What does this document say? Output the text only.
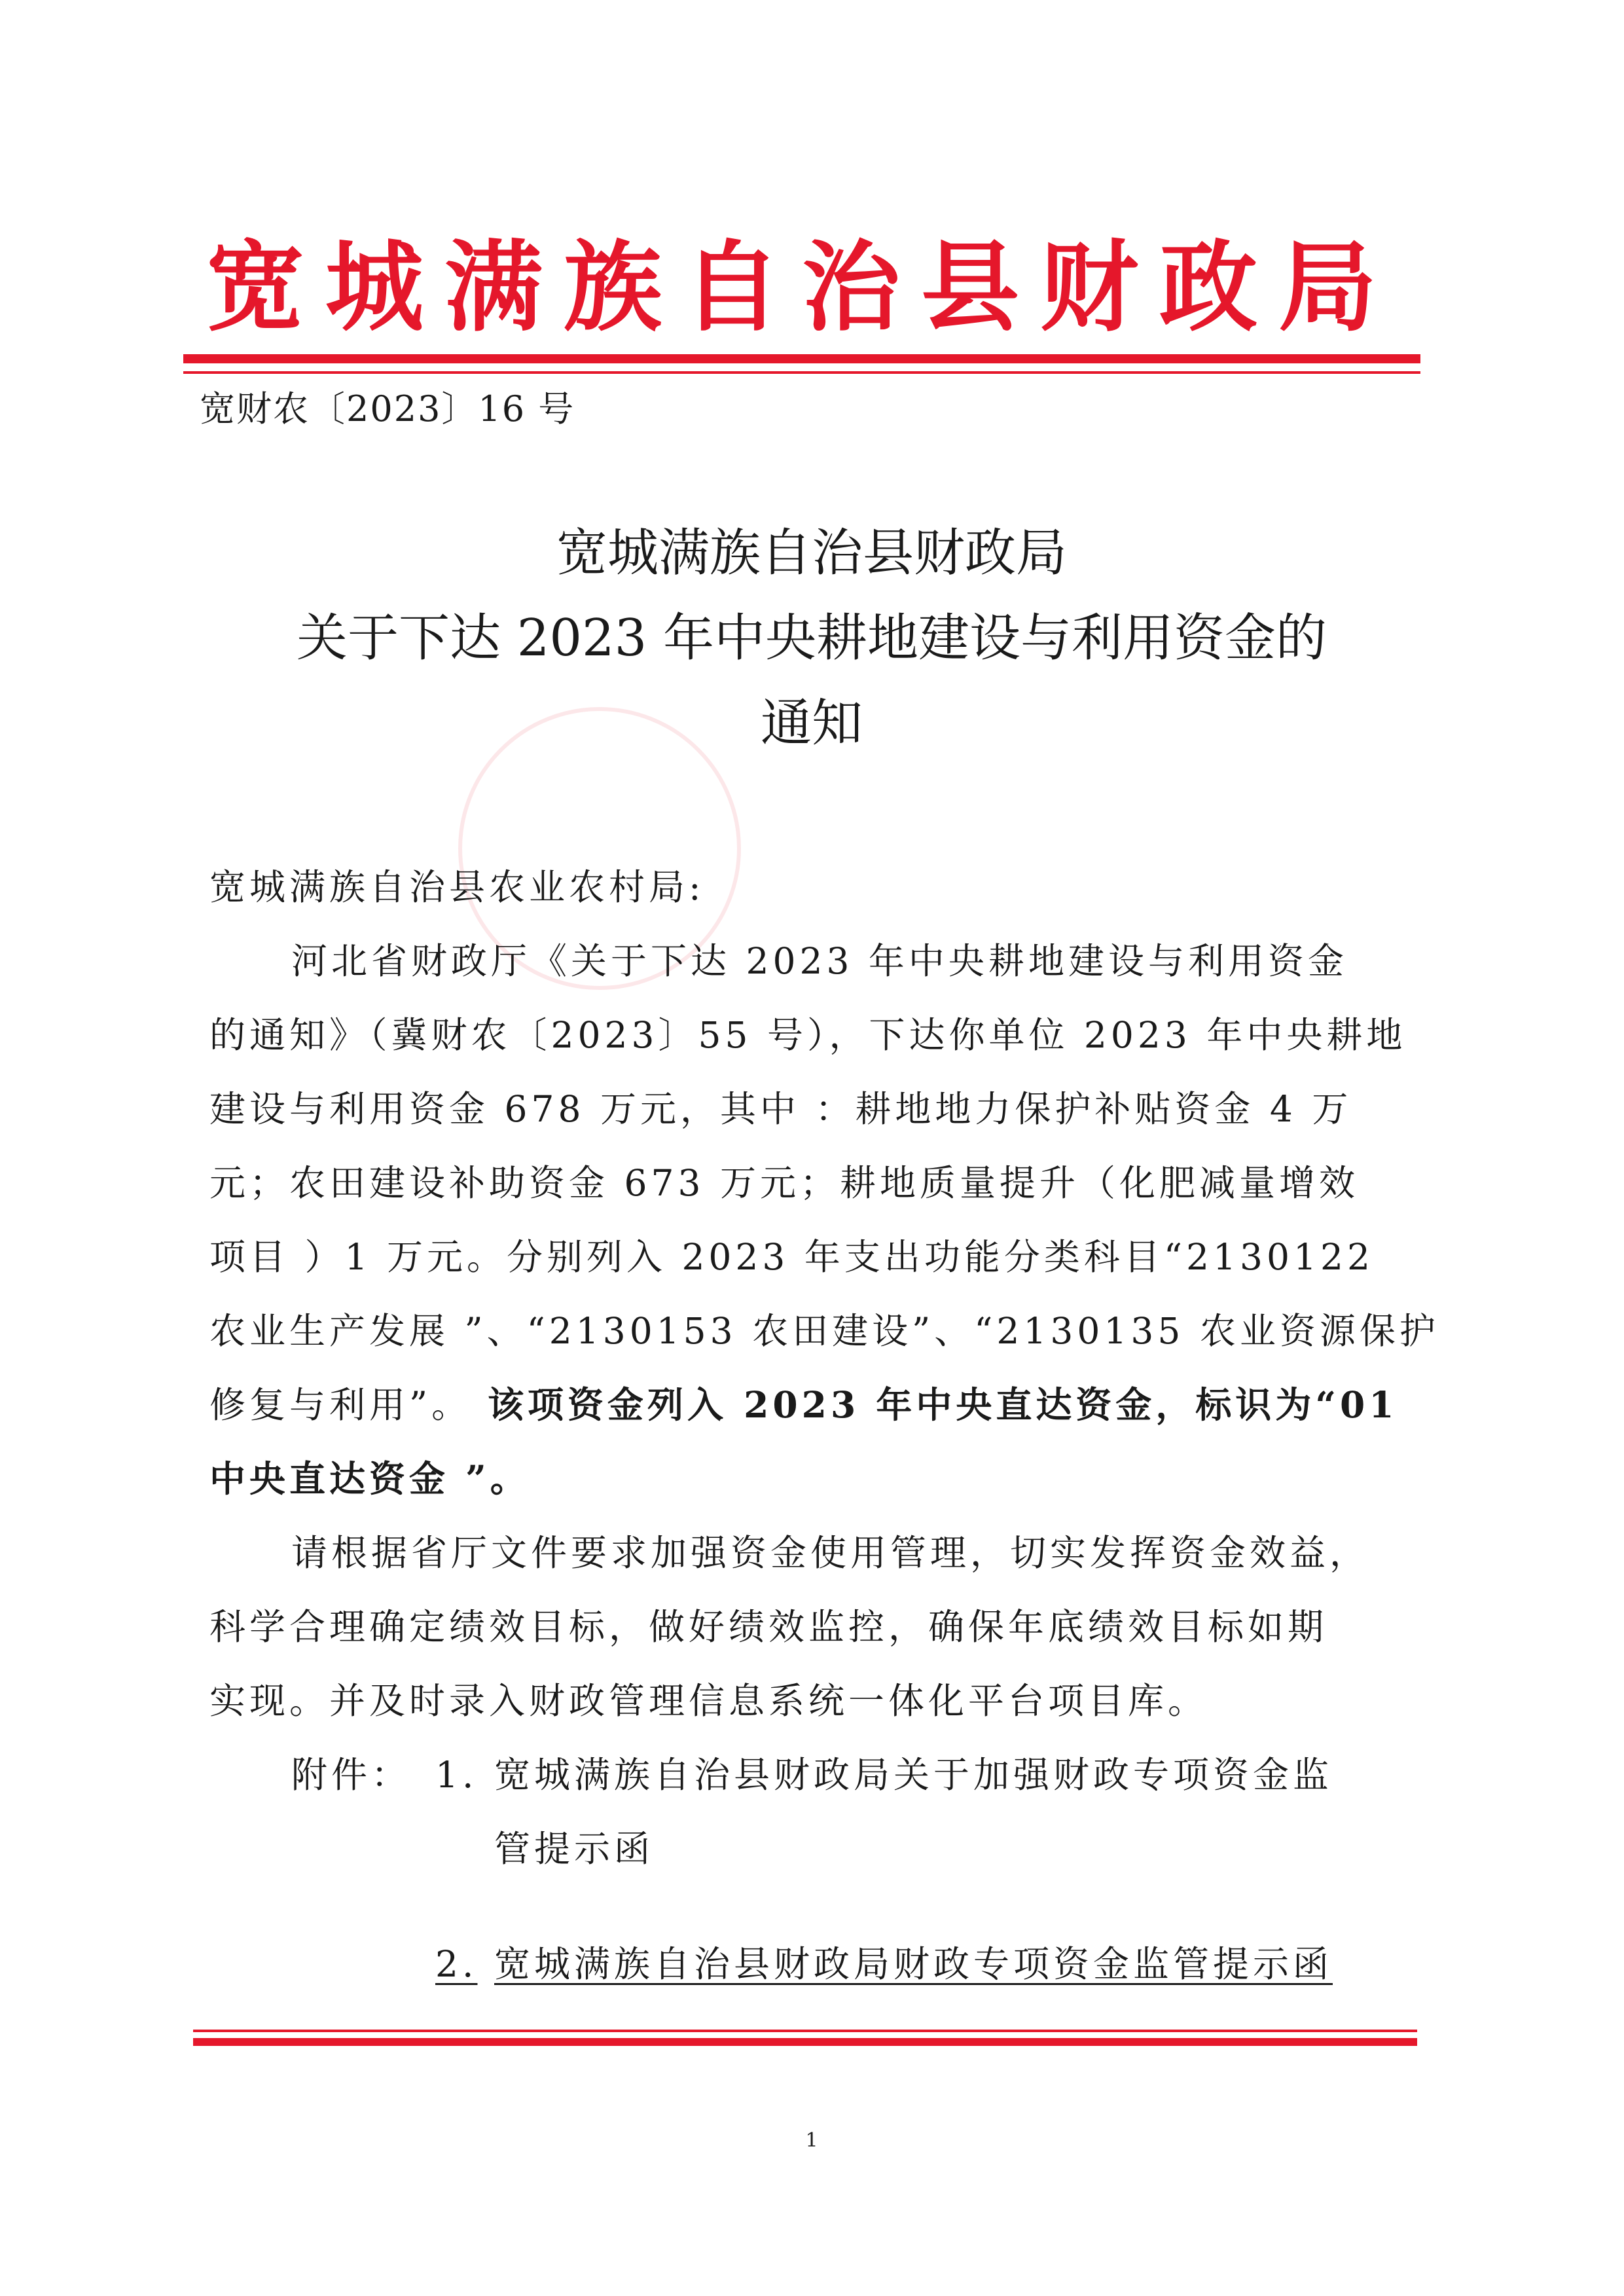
宽城满族自治县财政局
宽财农〔2023〕16 号
宽城满族自治县财政局
关于下达 2023 年中央耕地建设与利用资金的
通知
宽城满族自治县农业农村局:
河北省财政厅《关于下达 2023 年中央耕地建设与利用资金
的通知》（冀财农〔2023〕55 号），下达你单位 2023 年中央耕地
建设与利用资金 678 万元，其中 ：耕地地力保护补贴资金 4 万
元；农田建设补助资金 673 万元；耕地质量提升（化肥减量增效
项目 ）1 万元。分别列入 2023 年支出功能分类科目“2130122
农业生产发展 ”、“2130153 农田建设”、“2130135 农业资源保护
修复与利用”。 该项资金列入 2023 年中央直达资金，标识为“01
中央直达资金 ”。
请根据省厅文件要求加强资金使用管理，切实发挥资金效益，
科学合理确定绩效目标，做好绩效监控，确保年底绩效目标如期
实现。并及时录入财政管理信息系统一体化平台项目库。
附件： 1. 宽城满族自治县财政局关于加强财政专项资金监
管提示函
2. 宽城满族自治县财政局财政专项资金监管提示函
1
